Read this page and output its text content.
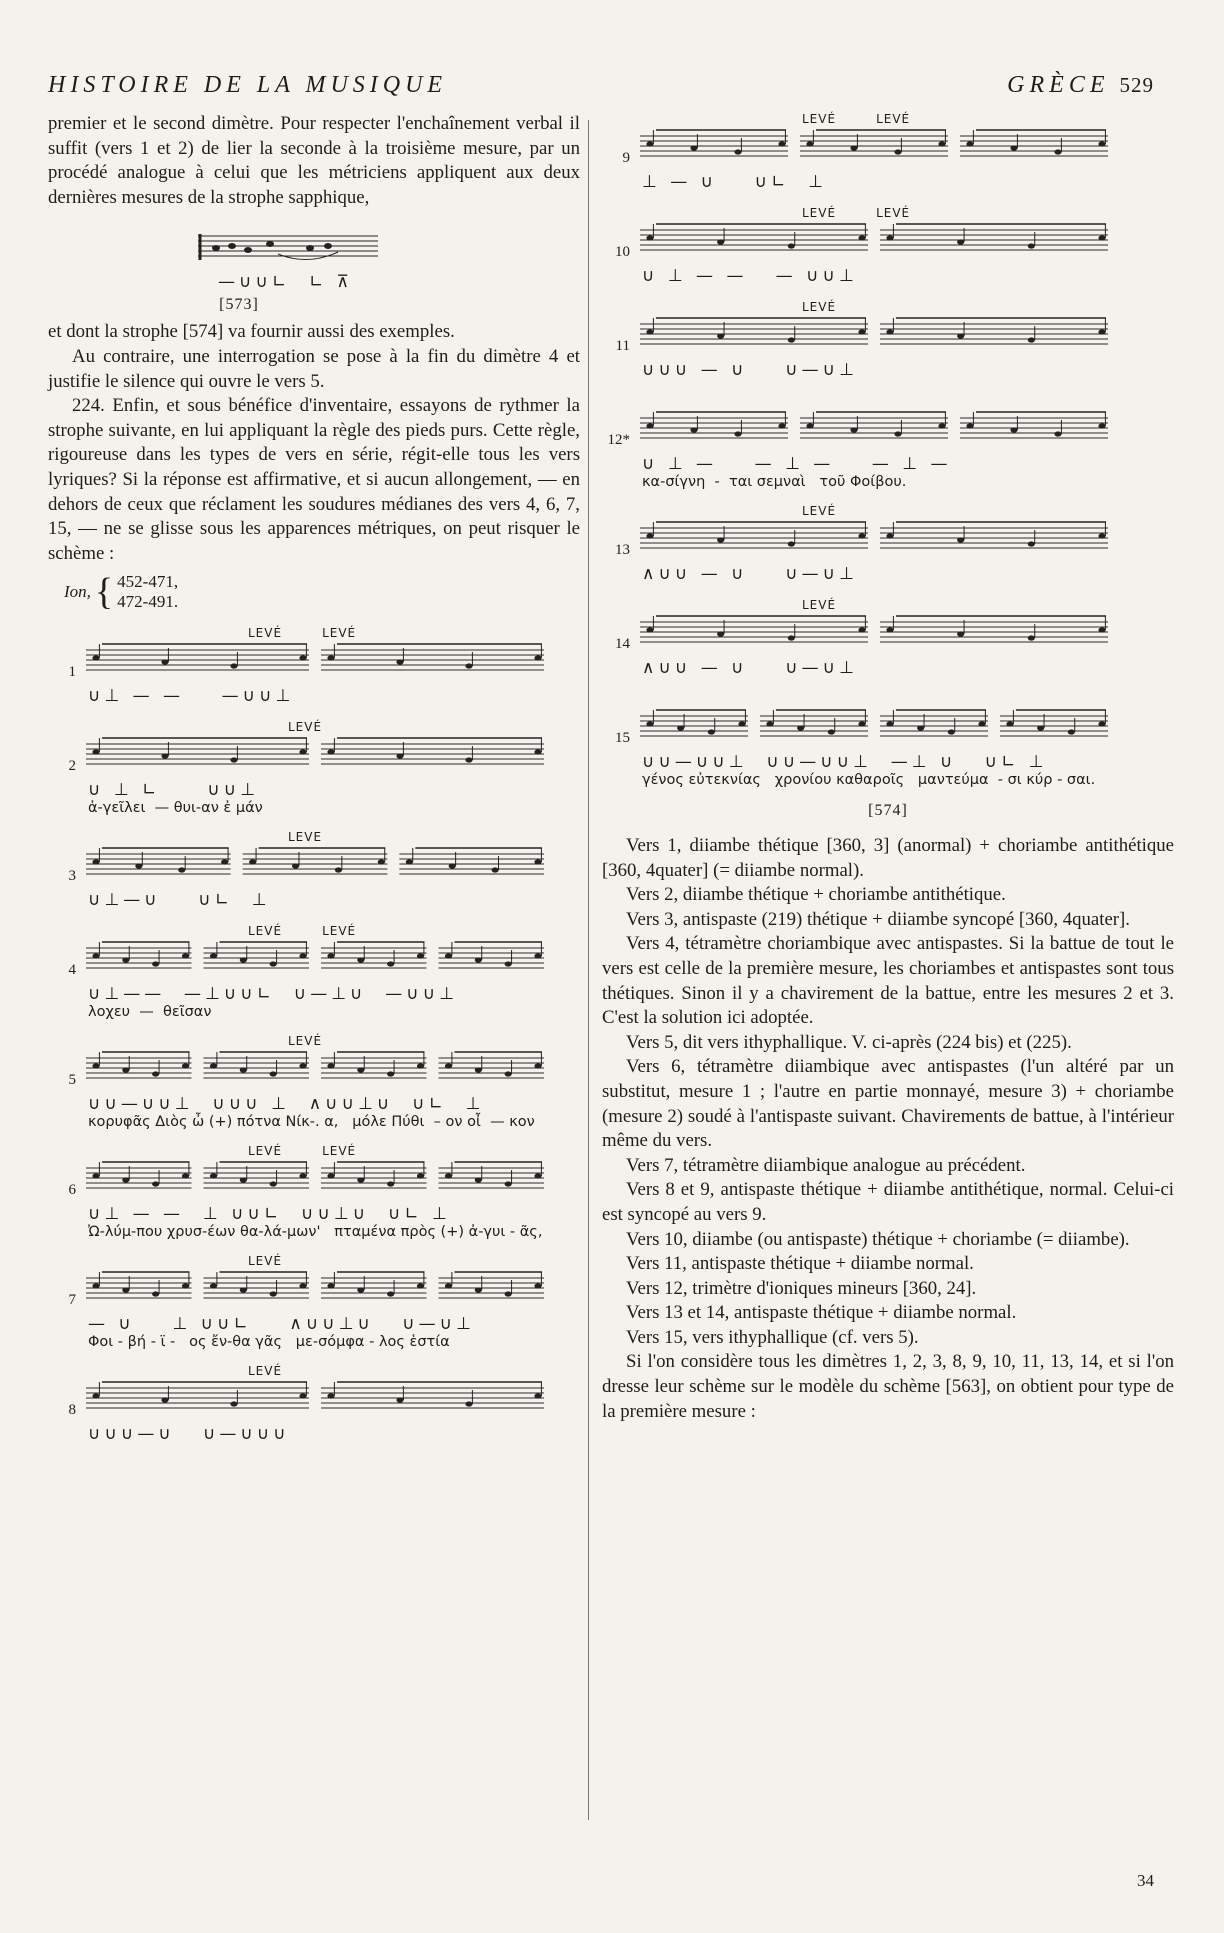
HISTOIRE DE LA MUSIQUE	GRÈCE 529

premier et le second dimètre. Pour respecter l'enchaînement verbal il suffit (vers 1 et 2) de lier la seconde à la troisième mesure, par un procédé analogue à celui que les métriciens appliquent aux deux dernières mesures de la strophe sapphique,

—∪∪∟  ∟ ⊼
[573]

et dont la strophe [574] va fournir aussi des exemples.

Au contraire, une interrogation se pose à la fin du dimètre 4 et justifie le silence qui ouvre le vers 5.

224. Enfin, et sous bénéfice d'inventaire, essayons de rythmer la strophe suivante, en lui appliquant la règle des pieds purs. Cette règle, rigoureuse dans les types de vers en série, régit-elle tous les vers lyriques? Si la réponse est affirmative, et si aucun allongement, — en dehors de ceux que réclament les soudures médianes des vers 4, 6, 7, 15, — ne se glisse sous les apparences métriques, on peut risquer le schème :

Ion, { 452-471,
472-491.
LEVÉ	LEVÉ
1
∪⊥ — —    —∪∪⊥
LEVÉ
2
∪ ⊥ ∟     ∪∪⊥
ἀ-γεῖλει  — θυι-αν ἐ μάν
LEVE
3
∪⊥—∪    ∪∟  ⊥
LEVÉ	LEVÉ
4
∪⊥——  —⊥∪∪∟  ∪—⊥∪  —∪∪⊥
λοχευ  —  θεῖσαν
LEVÉ
5
∪∪—∪∪⊥  ∪∪∪ ⊥  ∧∪∪⊥∪  ∪∟  ⊥
κορυφᾶς Διὸς ὦ (+) πότνα Νίκ-. α,   μόλε Πύθι  – ον οἶ  — κον
LEVÉ	LEVÉ
6
∪⊥ — —  ⊥ ∪∪∟  ∪∪⊥∪  ∪∟ ⊥
Ὠ-λύμ-που χρυσ-έων θα-λά-μων'   πταμένα πρὸς (+) ἀ-γυι - ᾶς,
LEVÉ
7
— ∪    ⊥ ∪∪∟    ∧∪∪⊥∪   ∪—∪⊥
Φοι - βή - ϊ -   ος ἔν-θα γᾶς   με-σόμφα - λος ἑστία
LEVÉ
8
∪∪∪—∪   ∪—∪∪∪
LEVÉ	LEVÉ
9
⊥ — ∪    ∪∟  ⊥
LEVÉ	LEVÉ
10
∪ ⊥ — —   — ∪∪⊥
LEVÉ
11
∪∪∪ — ∪    ∪—∪⊥
12*
∪ ⊥ —    — ⊥ —    — ⊥ —
κα-σίγνη  -  ται σεμναὶ   τοῦ Φοίβου.
LEVÉ
13
∧∪∪ — ∪    ∪—∪⊥
LEVÉ
14
∧∪∪ — ∪    ∪—∪⊥
15
∪∪—∪∪⊥  ∪∪—∪∪⊥  —⊥ ∪   ∪∟ ⊥
γένος εὐτεκνίας   χρονίου καθαροῖς   μαντεύμα  - σι κύρ - σαι.
[574]

Vers 1, diiambe thétique [360, 3] (anormal) + choriambe antithétique [360, 4quater] (= diiambe normal).

Vers 2, diiambe thétique + choriambe antithétique.

Vers 3, antispaste (219) thétique + diiambe syncopé [360, 4quater].

Vers 4, tétramètre choriambique avec antispastes. Si la battue de tout le vers est celle de la première mesure, les choriambes et antispastes sont tous thétiques. Sinon il y a chavirement de la battue, entre les mesures 2 et 3. C'est la solution ici adoptée.

Vers 5, dit vers ithyphallique. V. ci-après (224 bis) et (225).

Vers 6, tétramètre diiambique avec antispastes (l'un altéré par un substitut, mesure 1 ; l'autre en partie monnayé, mesure 3) + choriambe (mesure 2) soudé à l'antispaste suivant. Chavirements de battue, à l'intérieur même du vers.

Vers 7, tétramètre diiambique analogue au précédent.

Vers 8 et 9, antispaste thétique + diiambe antithétique, normal. Celui-ci est syncopé au vers 9.

Vers 10, diiambe (ou antispaste) thétique + choriambe (= diiambe).

Vers 11, antispaste thétique + diiambe normal.

Vers 12, trimètre d'ioniques mineurs [360, 24].

Vers 13 et 14, antispaste thétique + diiambe normal.

Vers 15, vers ithyphallique (cf. vers 5).

Si l'on considère tous les dimètres 1, 2, 3, 8, 9, 10, 11, 13, 14, et si l'on dresse leur schème sur le modèle du schème [563], on obtient pour type de la première mesure :

34
